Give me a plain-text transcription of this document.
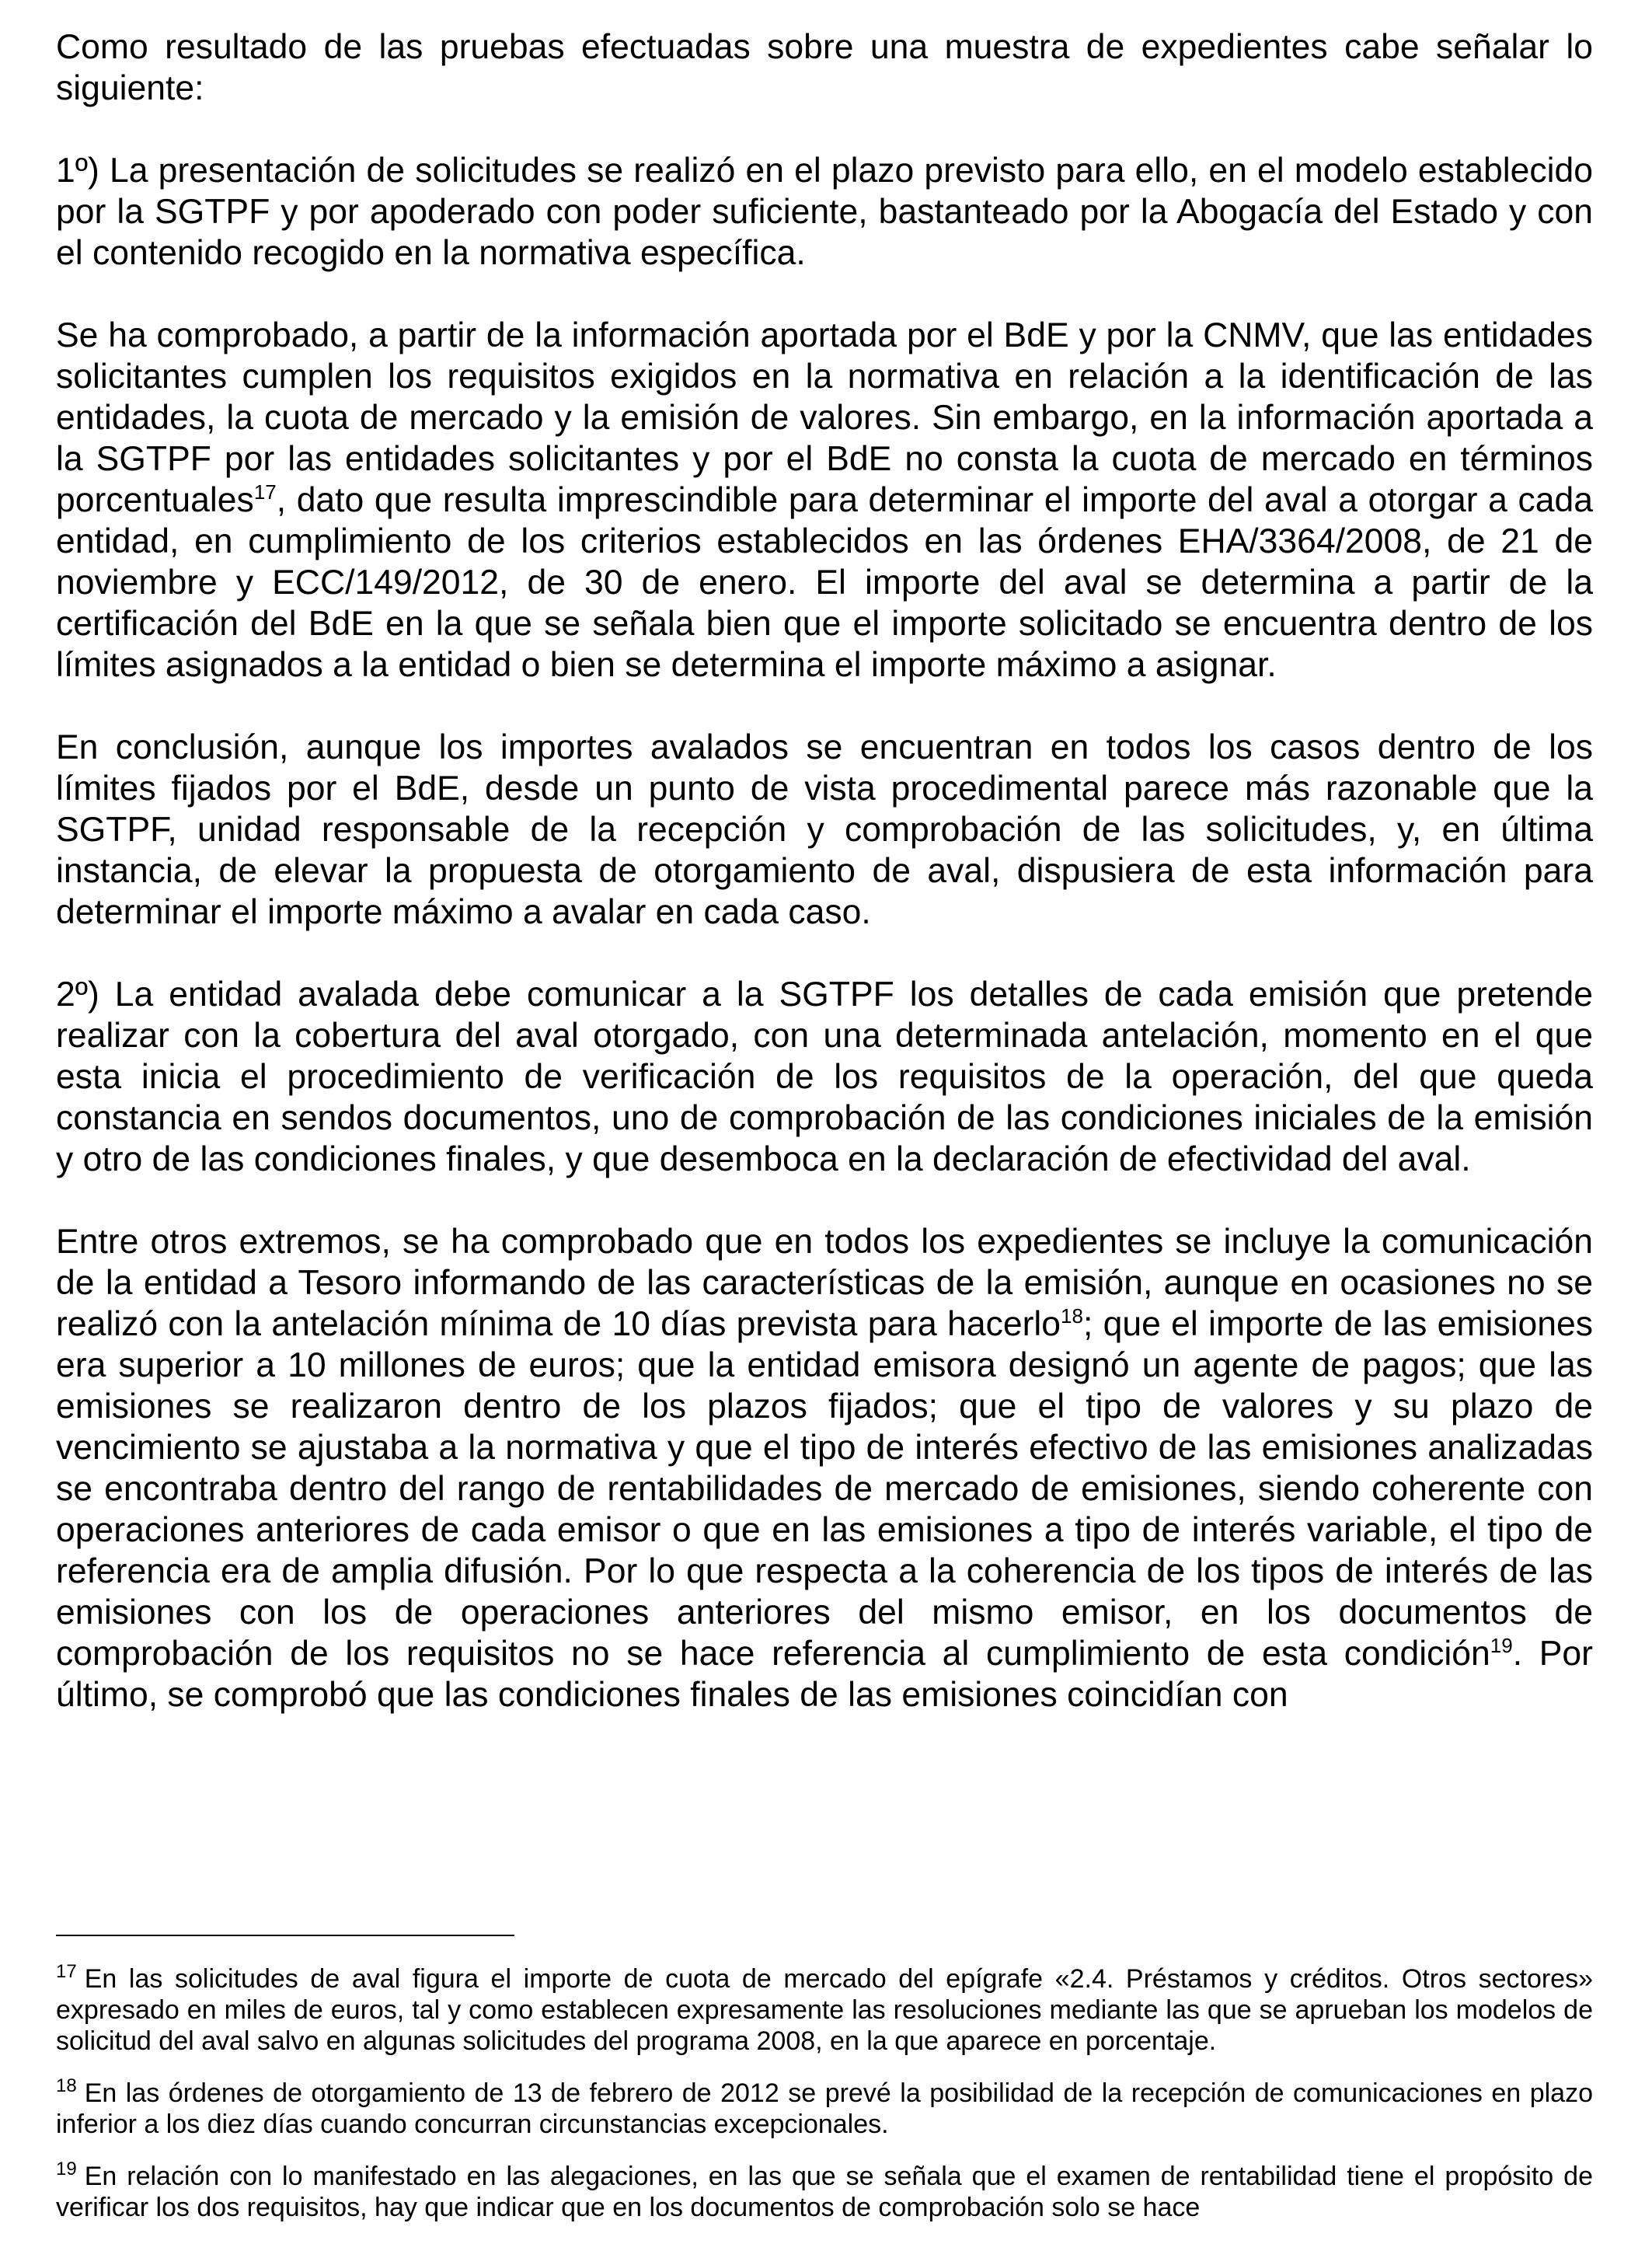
Como resultado de las pruebas efectuadas sobre una muestra de expedientes cabe señalar lo siguiente:

1º) La presentación de solicitudes se realizó en el plazo previsto para ello, en el modelo establecido por la SGTPF y por apoderado con poder suficiente, bastanteado por la Abogacía del Estado y con el contenido recogido en la normativa específica.

Se ha comprobado, a partir de la información aportada por el BdE y por la CNMV, que las entidades solicitantes cumplen los requisitos exigidos en la normativa en relación a la identificación de las entidades, la cuota de mercado y la emisión de valores. Sin embargo, en la información aportada a la SGTPF por las entidades solicitantes y por el BdE no consta la cuota de mercado en términos porcentuales$^{17}$, dato que resulta imprescindible para determinar el importe del aval a otorgar a cada entidad, en cumplimiento de los criterios establecidos en las órdenes EHA/3364/2008, de 21 de noviembre y ECC/149/2012, de 30 de enero. El importe del aval se determina a partir de la certificación del BdE en la que se señala bien que el importe solicitado se encuentra dentro de los límites asignados a la entidad o bien se determina el importe máximo a asignar.

En conclusión, aunque los importes avalados se encuentran en todos los casos dentro de los límites fijados por el BdE, desde un punto de vista procedimental parece más razonable que la SGTPF, unidad responsable de la recepción y comprobación de las solicitudes, y, en última instancia, de elevar la propuesta de otorgamiento de aval, dispusiera de esta información para determinar el importe máximo a avalar en cada caso.

2º) La entidad avalada debe comunicar a la SGTPF los detalles de cada emisión que pretende realizar con la cobertura del aval otorgado, con una determinada antelación, momento en el que esta inicia el procedimiento de verificación de los requisitos de la operación, del que queda constancia en sendos documentos, uno de comprobación de las condiciones iniciales de la emisión y otro de las condiciones finales, y que desemboca en la declaración de efectividad del aval.

Entre otros extremos, se ha comprobado que en todos los expedientes se incluye la comunicación de la entidad a Tesoro informando de las características de la emisión, aunque en ocasiones no se realizó con la antelación mínima de 10 días prevista para hacerlo$^{18}$; que el importe de las emisiones era superior a 10 millones de euros; que la entidad emisora designó un agente de pagos; que las emisiones se realizaron dentro de los plazos fijados; que el tipo de valores y su plazo de vencimiento se ajustaba a la normativa y que el tipo de interés efectivo de las emisiones analizadas se encontraba dentro del rango de rentabilidades de mercado de emisiones, siendo coherente con operaciones anteriores de cada emisor o que en las emisiones a tipo de interés variable, el tipo de referencia era de amplia difusión. Por lo que respecta a la coherencia de los tipos de interés de las emisiones con los de operaciones anteriores del mismo emisor, en los documentos de comprobación de los requisitos no se hace referencia al cumplimiento de esta condición$^{19}$. Por último, se comprobó que las condiciones finales de las emisiones coincidían con

$^{17}$ En las solicitudes de aval figura el importe de cuota de mercado del epígrafe «2.4. Préstamos y créditos. Otros sectores» expresado en miles de euros, tal y como establecen expresamente las resoluciones mediante las que se aprueban los modelos de solicitud del aval salvo en algunas solicitudes del programa 2008, en la que aparece en porcentaje.
$^{18}$ En las órdenes de otorgamiento de 13 de febrero de 2012 se prevé la posibilidad de la recepción de comunicaciones en plazo inferior a los diez días cuando concurran circunstancias excepcionales.
$^{19}$ En relación con lo manifestado en las alegaciones, en las que se señala que el examen de rentabilidad tiene el propósito de verificar los dos requisitos, hay que indicar que en los documentos de comprobación solo se hace
